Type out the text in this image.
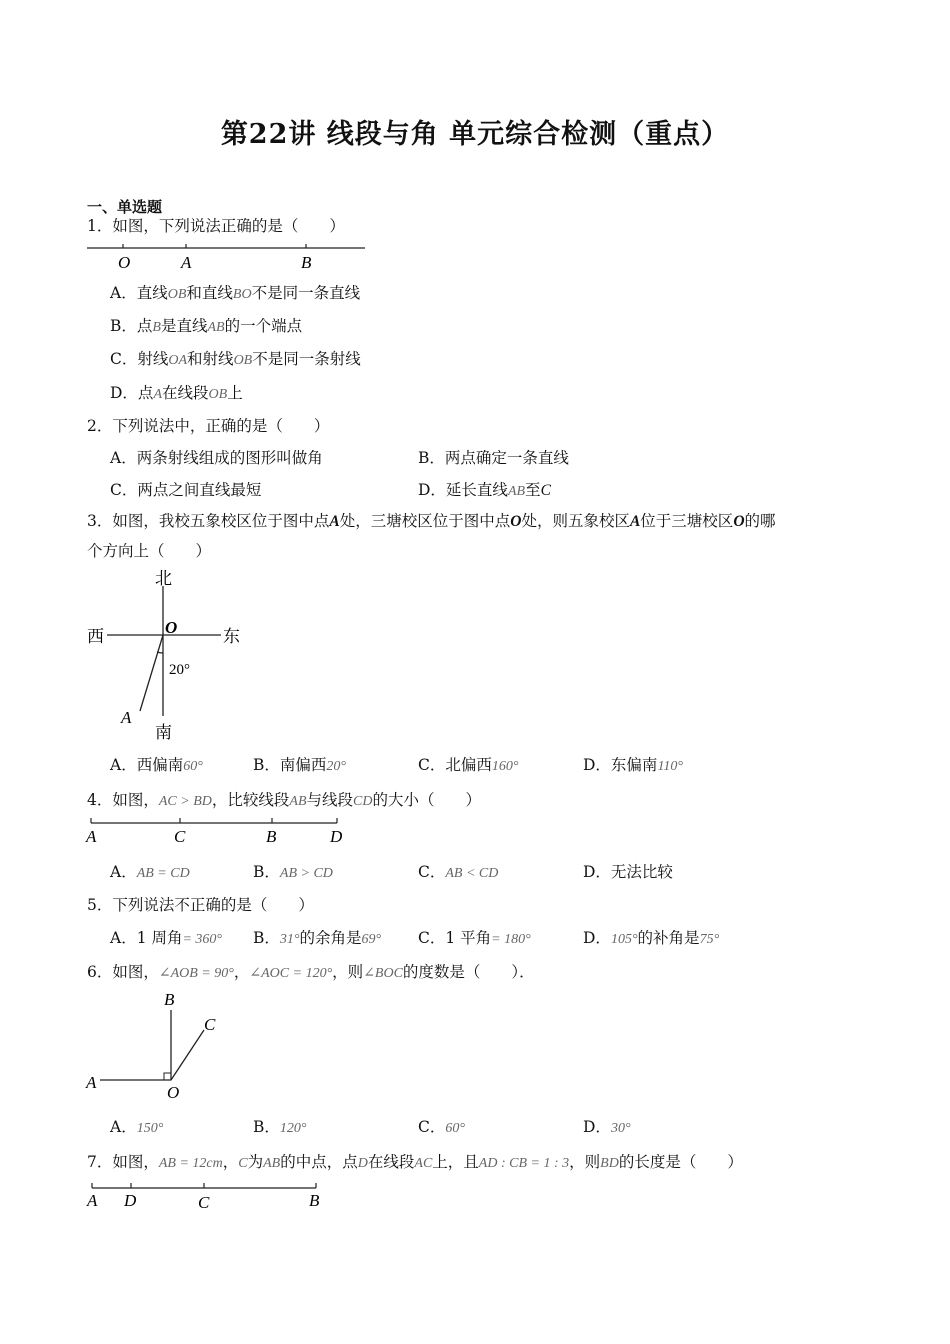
第22讲 线段与角 单元综合检测（重点）
一、单选题
1．如图，下列说法正确的是（　　）
O	A	B
A．直线OB和直线BO不是同一条直线
B．点B是直线AB的一个端点
C．射线OA和射线OB不是同一条射线
D．点A在线段OB上
2．下列说法中，正确的是（　　）
A．两条射线组成的图形叫做角	B．两点确定一条直线
C．两点之间直线最短	D．延长直线AB至C
3．如图，我校五象校区位于图中点A处，三塘校区位于图中点O处，则五象校区A位于三塘校区O的哪
个方向上（　　）
北
西	东
南
O
A
20°
A．西偏南60°	B．南偏西20°	C．北偏西160°	D．东偏南110°
4．如图，AC > BD，比较线段AB与线段CD的大小（　　）
A	C	B	D
A．AB = CD	B．AB > CD	C．AB < CD	D．无法比较
5．下列说法不正确的是（　　）
A．1 周角= 360° B．31°的余角是69° C．1 平角= 180°	D．105°的补角是75°
6．如图，∠AOB = 90°，∠AOC = 120°，则∠BOC的度数是（　　）．
B
C
A
O
A．150°	B．120°	C．60°	D．30°
7．如图，AB = 12cm，C为AB的中点，点D在线段AC上，且AD : CB = 1 : 3，则BD的长度是（　　）
A D	C	B
